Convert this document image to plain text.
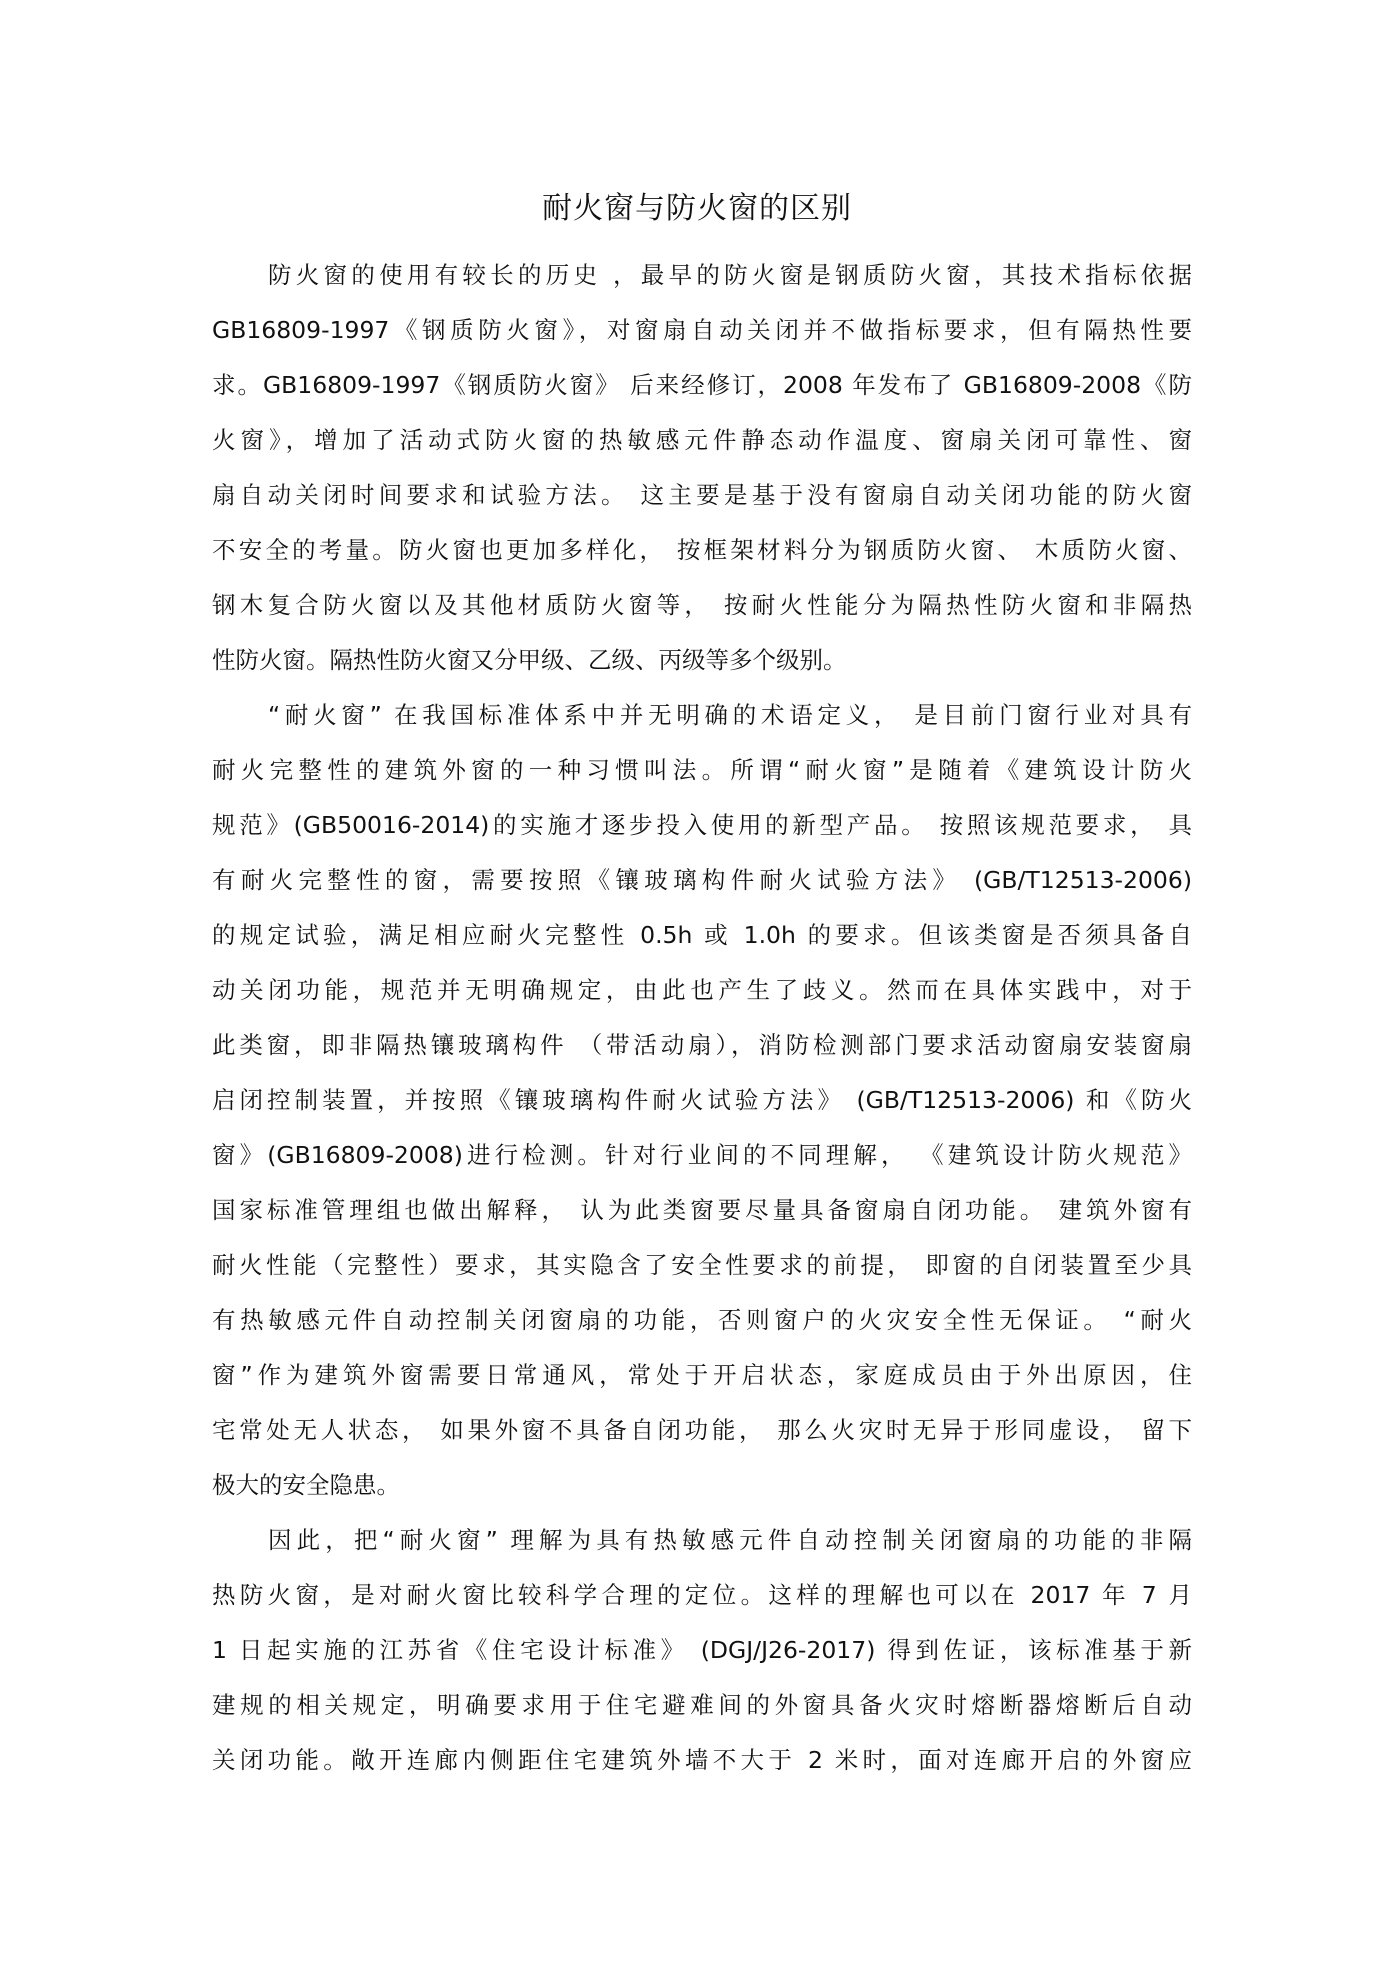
耐火窗与防火窗的区别
防火窗的使用有较长的历史 ，最早的防火窗是钢质防火窗，其技术指标依据
GB16809-1997《钢质防火窗》，对窗扇自动关闭并不做指标要求，但有隔热性要
求。GB16809-1997《钢质防火窗》 后来经修订，2008 年发布了 GB16809-2008《防
火窗》，增加了活动式防火窗的热敏感元件静态动作温度、窗扇关闭可靠性、窗
扇自动关闭时间要求和试验方法。 这主要是基于没有窗扇自动关闭功能的防火窗
不安全的考量。防火窗也更加多样化， 按框架材料分为钢质防火窗、 木质防火窗、
钢木复合防火窗以及其他材质防火窗等， 按耐火性能分为隔热性防火窗和非隔热
性防火窗。隔热性防火窗又分甲级、乙级、丙级等多个级别。
“耐火窗” 在我国标准体系中并无明确的术语定义， 是目前门窗行业对具有
耐火完整性的建筑外窗的一种习惯叫法。所谓“耐火窗”是随着《建筑设计防火
规范》(GB50016-2014)的实施才逐步投入使用的新型产品。 按照该规范要求， 具
有耐火完整性的窗，需要按照《镶玻璃构件耐火试验方法》 (GB/T12513-2006)
的规定试验，满足相应耐火完整性 0.5h 或 1.0h 的要求。但该类窗是否须具备自
动关闭功能，规范并无明确规定，由此也产生了歧义。然而在具体实践中，对于
此类窗，即非隔热镶玻璃构件 （带活动扇），消防检测部门要求活动窗扇安装窗扇
启闭控制装置，并按照《镶玻璃构件耐火试验方法》 (GB/T12513-2006) 和《防火
窗》(GB16809-2008)进行检测。针对行业间的不同理解， 《建筑设计防火规范》
国家标准管理组也做出解释， 认为此类窗要尽量具备窗扇自闭功能。 建筑外窗有
耐火性能（完整性）要求，其实隐含了安全性要求的前提， 即窗的自闭装置至少具
有热敏感元件自动控制关闭窗扇的功能，否则窗户的火灾安全性无保证。 “耐火
窗”作为建筑外窗需要日常通风，常处于开启状态，家庭成员由于外出原因，住
宅常处无人状态， 如果外窗不具备自闭功能， 那么火灾时无异于形同虚设， 留下
极大的安全隐患。
因此，把“耐火窗” 理解为具有热敏感元件自动控制关闭窗扇的功能的非隔
热防火窗，是对耐火窗比较科学合理的定位。这样的理解也可以在 2017 年 7 月
1 日起实施的江苏省《住宅设计标准》 (DGJ/J26-2017) 得到佐证，该标准基于新
建规的相关规定，明确要求用于住宅避难间的外窗具备火灾时熔断器熔断后自动
关闭功能。敞开连廊内侧距住宅建筑外墙不大于 2 米时，面对连廊开启的外窗应
